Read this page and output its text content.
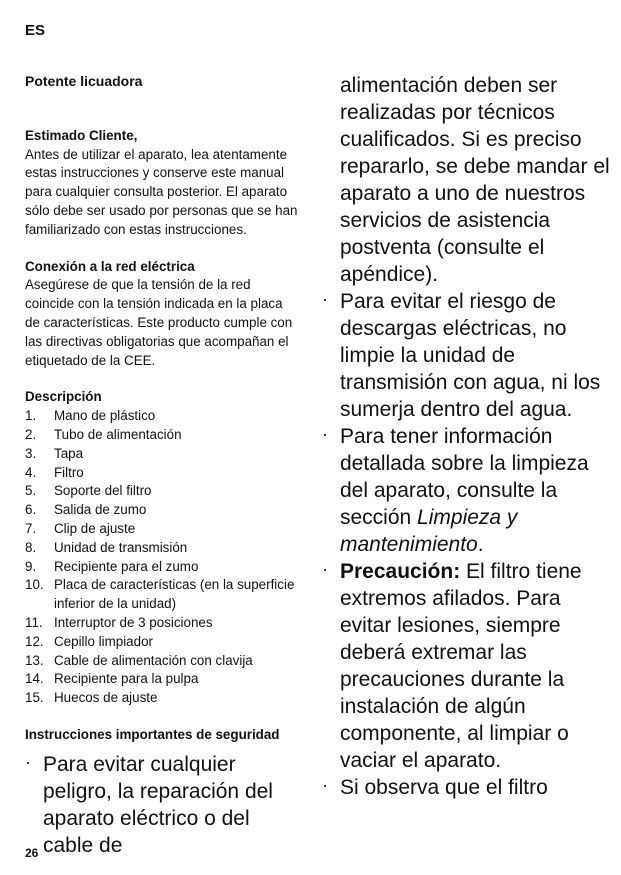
ES
Potente licuadora
Estimado Cliente,
Antes de utilizar el aparato, lea atentamente estas instrucciones y conserve este manual para cualquier consulta posterior. El aparato sólo debe ser usado por personas que se han familiarizado con estas instrucciones.
Conexión a la red eléctrica
Asegúrese de que la tensión de la red coincide con la tensión indicada en la placa de características. Este producto cumple con las directivas obligatorias que acompañan el etiquetado de la CEE.
Descripción
1. Mano de plástico
2. Tubo de alimentación
3. Tapa
4. Filtro
5. Soporte del filtro
6. Salida de zumo
7. Clip de ajuste
8. Unidad de transmisión
9. Recipiente para el zumo
10. Placa de características (en la superficie inferior de la unidad)
11. Interruptor de 3 posiciones
12. Cepillo limpiador
13. Cable de alimentación con clavija
14. Recipiente para la pulpa
15. Huecos de ajuste
Instrucciones importantes de seguridad
· Para evitar cualquier peligro, la reparación del aparato eléctrico o del cable de

alimentación deben ser realizadas por técnicos cualificados. Si es preciso repararlo, se debe mandar el aparato a uno de nuestros servicios de asistencia postventa (consulte el apéndice).

· Para evitar el riesgo de descargas eléctricas, no limpie la unidad de transmisión con agua, ni los sumerja dentro del agua.
· Para tener información detallada sobre la limpieza del aparato, consulte la sección Limpieza y mantenimiento.
· Precaución: El filtro tiene extremos afilados. Para evitar lesiones, siempre deberá extremar las precauciones durante la instalación de algún componente, al limpiar o vaciar el aparato.
· Si observa que el filtro
26
